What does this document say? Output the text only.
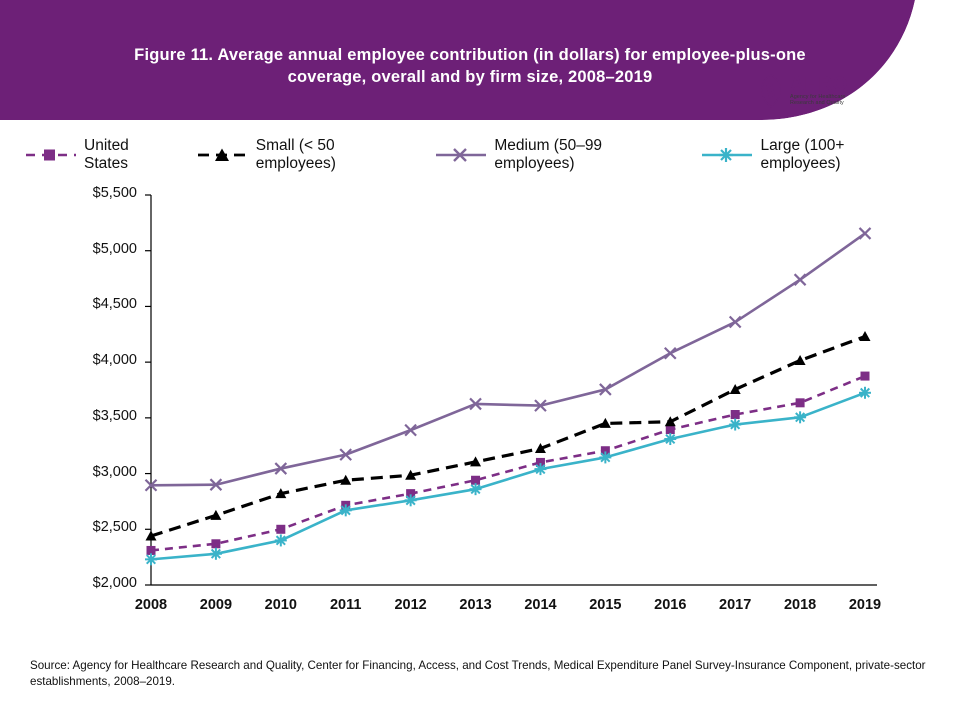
Figure 11. Average annual employee contribution (in dollars) for employee-plus-one coverage, overall and by firm size, 2008–2019	AHRQ
Agency for Healthcare
Research and Quality
United States
Small (< 50 employees)
Medium (50–99 employees)
Large (100+ employees)
$2,000
$2,500
$3,000
$3,500
$4,000
$4,500
$5,000
$5,500
2008	2009	2010	2011	2012	2013	2014	2015	2016	2017	2018	2019
Source: Agency for Healthcare Research and Quality, Center for Financing, Access, and Cost Trends, Medical Expenditure Panel Survey-Insurance Component, private-sector establishments, 2008–2019.
